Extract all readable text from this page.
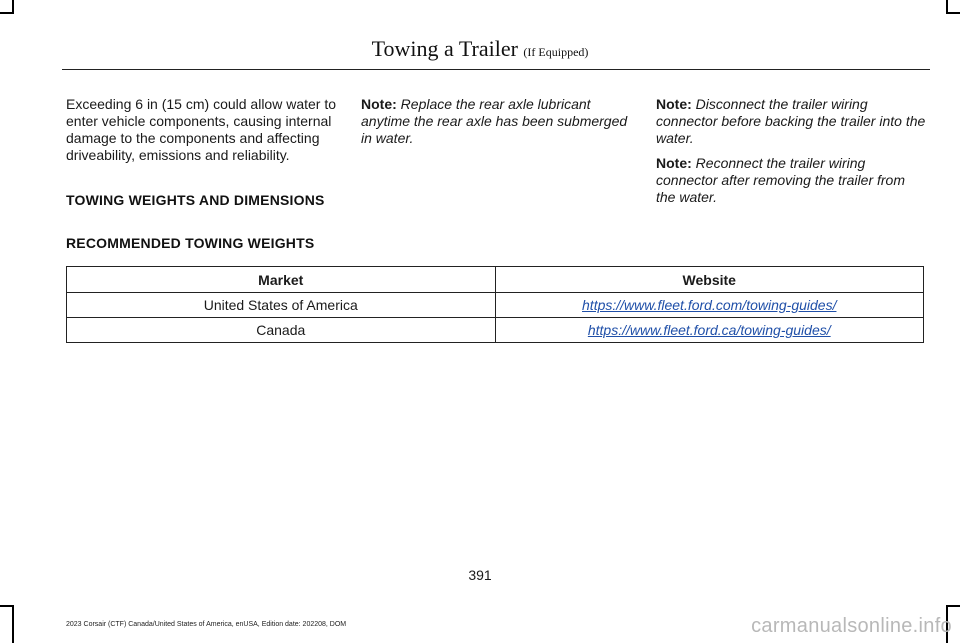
Towing a Trailer (If Equipped)

Exceeding 6 in (15 cm) could allow water to enter vehicle components, causing internal damage to the components and affecting driveability, emissions and reliability.

Note: Replace the rear axle lubricant anytime the rear axle has been submerged in water.

Note: Disconnect the trailer wiring connector before backing the trailer into the water.

Note: Reconnect the trailer wiring connector after removing the trailer from the water.

TOWING WEIGHTS AND DIMENSIONS
RECOMMENDED TOWING WEIGHTS
Market	Website
United States of America	https://www.fleet.ford.com/towing-guides/
Canada	https://www.fleet.ford.ca/towing-guides/
391
2023 Corsair (CTF) Canada/United States of America, enUSA, Edition date: 202208, DOM	carmanualsonline.info
